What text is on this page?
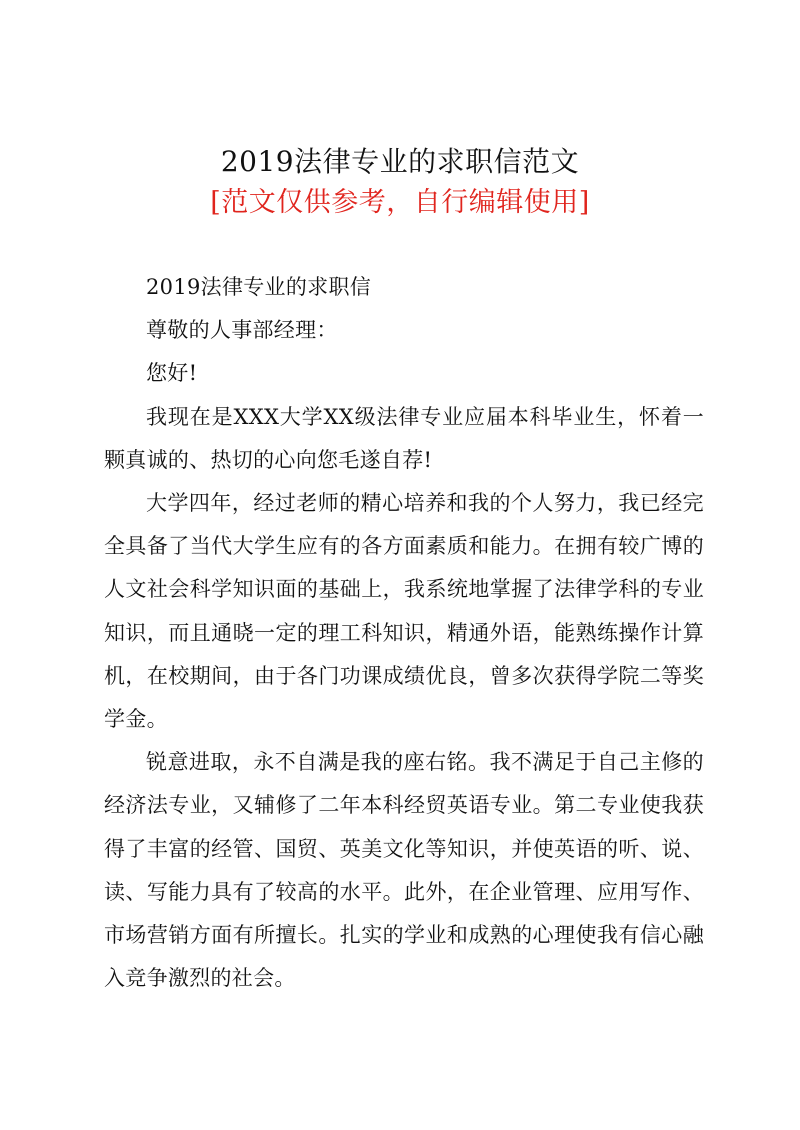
2019法律专业的求职信范文
[范文仅供参考，自行编辑使用]

2019法律专业的求职信

尊敬的人事部经理：

您好!

我现在是XXX大学XX级法律专业应届本科毕业生，怀着一颗真诚的、热切的心向您毛遂自荐!

大学四年，经过老师的精心培养和我的个人努力，我已经完全具备了当代大学生应有的各方面素质和能力。在拥有较广博的人文社会科学知识面的基础上，我系统地掌握了法律学科的专业知识，而且通晓一定的理工科知识，精通外语，能熟练操作计算机，在校期间，由于各门功课成绩优良，曾多次获得学院二等奖学金。

锐意进取，永不自满是我的座右铭。我不满足于自己主修的经济法专业，又辅修了二年本科经贸英语专业。第二专业使我获得了丰富的经管、国贸、英美文化等知识，并使英语的听、说、读、写能力具有了较高的水平。此外，在企业管理、应用写作、市场营销方面有所擅长。扎实的学业和成熟的心理使我有信心融入竞争激烈的社会。
